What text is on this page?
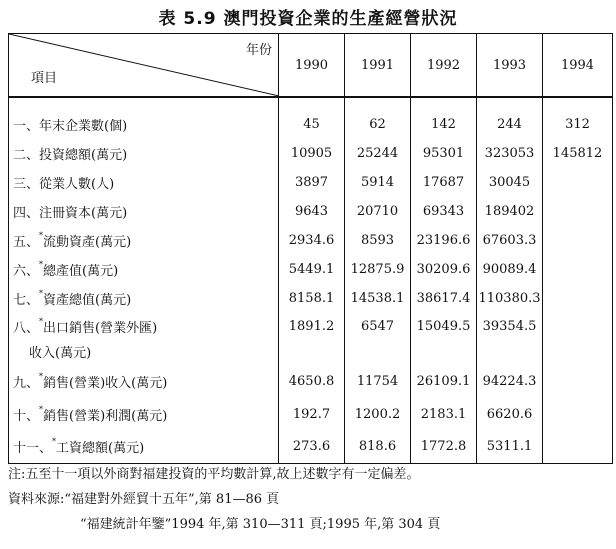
表 5.9 澳門投資企業的生產經營狀況
年份
項目	1990	1991	1992	1993	1994
一、年末企業數(個)	45	62	142	244	312
二、投資總額(萬元)	10905	25244	95301	323053	145812
三、從業人數(人)	3897	5914	17687	30045	
四、注冊資本(萬元)	9643	20710	69343	189402	
五、*流動資產(萬元)	2934.6	8593	23196.6	67603.3	
六、*總產值(萬元)	5449.1	12875.9	30209.6	90089.4	
七、*資產總值(萬元)	8158.1	14538.1	38617.4	110380.3	
八、*出口銷售(營業外匯)	1891.2	6547	15049.5	39354.5	
收入(萬元)					
九、*銷售(營業)收入(萬元)	4650.8	11754	26109.1	94224.3	
十、*銷售(營業)利潤(萬元)	192.7	1200.2	2183.1	6620.6	
十一、*工資總額(萬元)	273.6	818.6	1772.8	5311.1	
注:五至十一項以外商對福建投資的平均數計算,故上述數字有一定偏差。
資料來源:“福建對外經貿十五年”,第 81—86 頁
“福建統計年鑒”1994 年,第 310—311 頁;1995 年,第 304 頁
